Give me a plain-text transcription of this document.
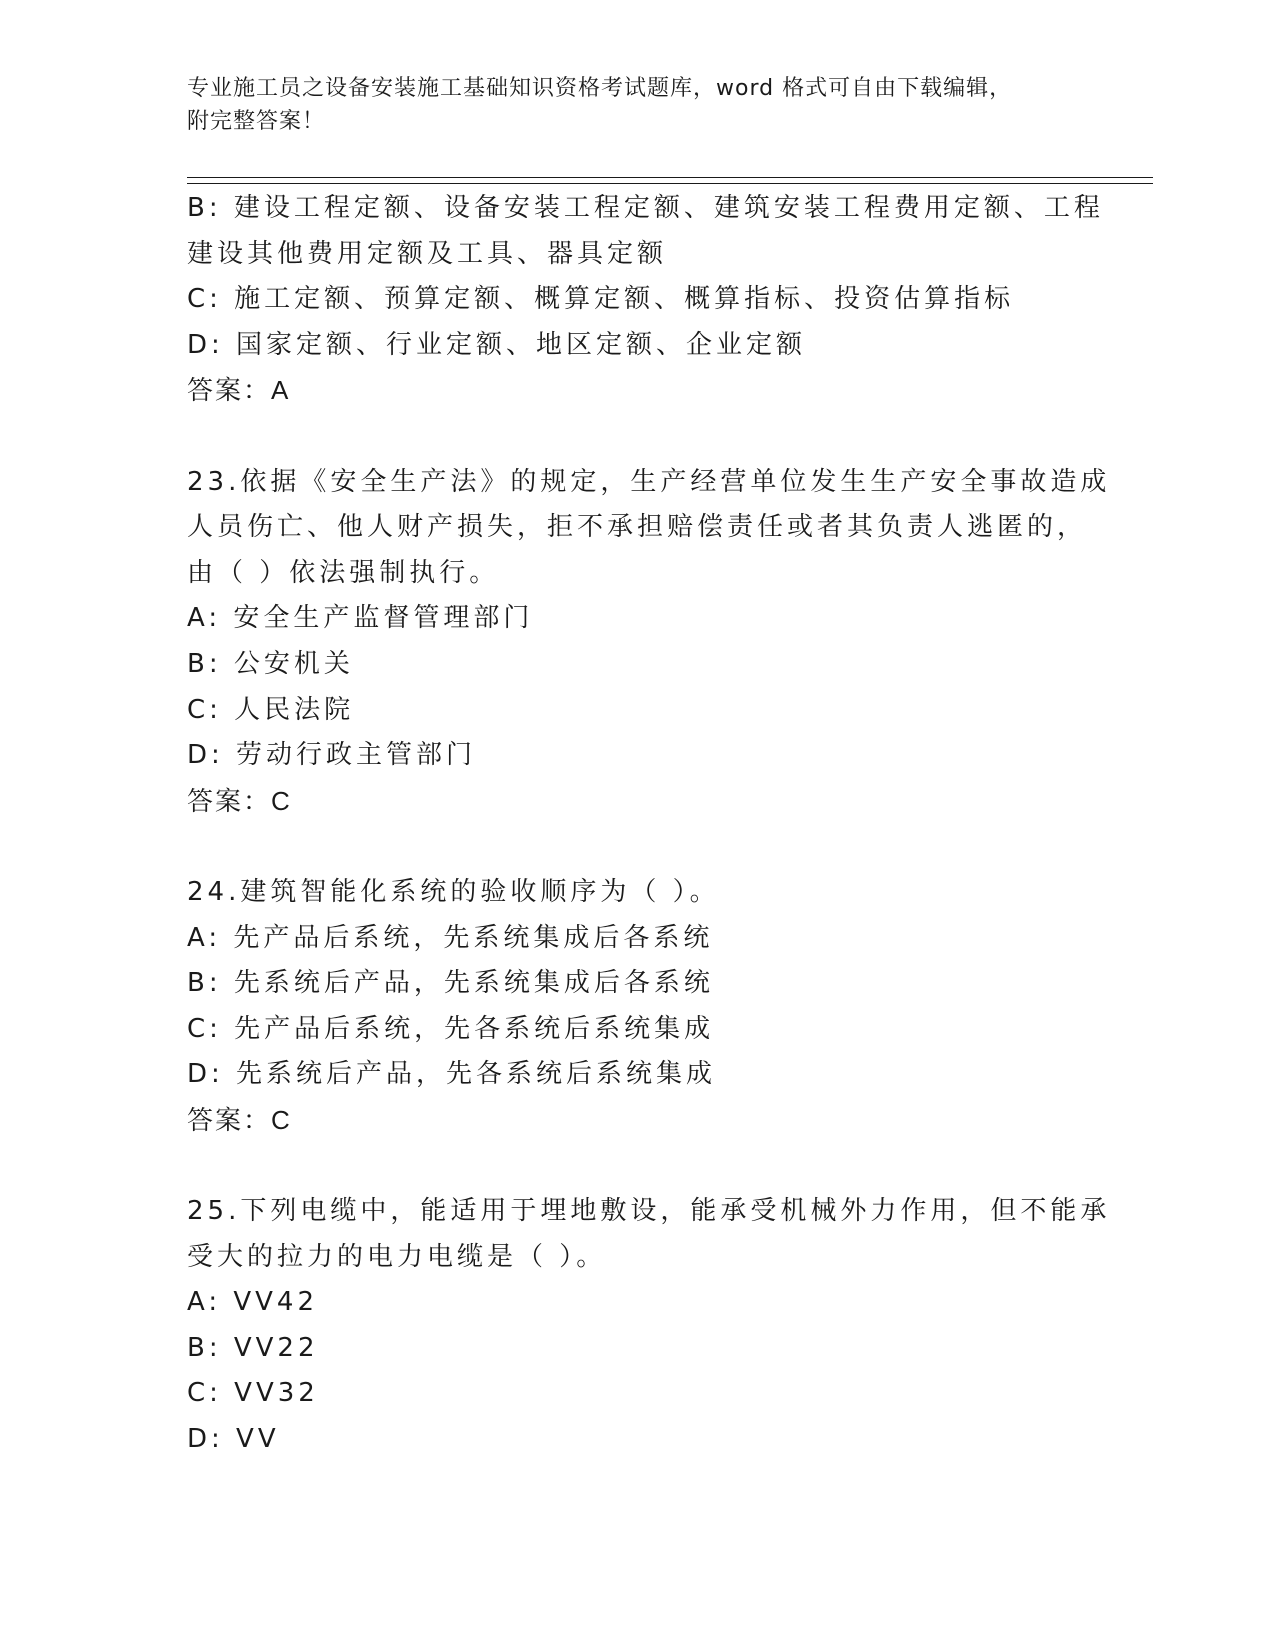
专业施工员之设备安装施工基础知识资格考试题库，word 格式可自由下载编辑，
附完整答案！
B: 建设工程定额、设备安装工程定额、建筑安装工程费用定额、工程
建设其他费用定额及工具、器具定额
C: 施工定额、预算定额、概算定额、概算指标、投资估算指标
D: 国家定额、行业定额、地区定额、企业定额
答案：A
23.依据《安全生产法》的规定，生产经营单位发生生产安全事故造成
人员伤亡、他人财产损失，拒不承担赔偿责任或者其负责人逃匿的，
由（ ）依法强制执行。
A: 安全生产监督管理部门
B: 公安机关
C: 人民法院
D: 劳动行政主管部门
答案：C
24.建筑智能化系统的验收顺序为（ ）。
A: 先产品后系统，先系统集成后各系统
B: 先系统后产品，先系统集成后各系统
C: 先产品后系统，先各系统后系统集成
D: 先系统后产品，先各系统后系统集成
答案：C
25.下列电缆中，能适用于埋地敷设，能承受机械外力作用，但不能承
受大的拉力的电力电缆是（ ）。
A: VV42
B: VV22
C: VV32
D: VV
